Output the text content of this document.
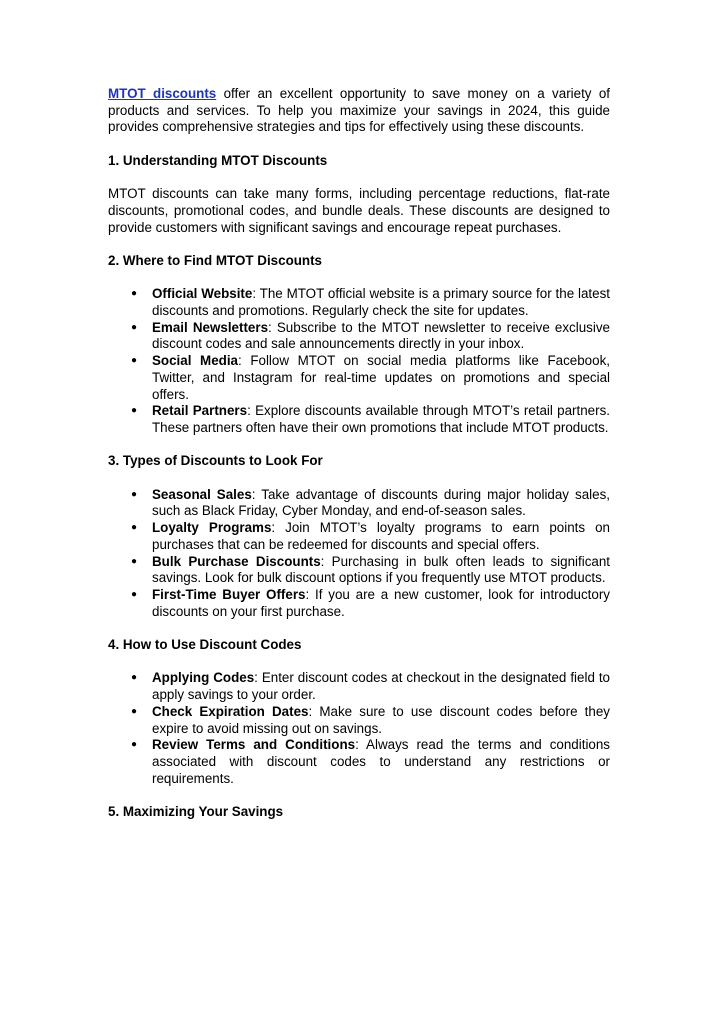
MTOT discounts offer an excellent opportunity to save money on a variety of products and services. To help you maximize your savings in 2024, this guide provides comprehensive strategies and tips for effectively using these discounts.

1. Understanding MTOT Discounts

MTOT discounts can take many forms, including percentage reductions, flat-rate discounts, promotional codes, and bundle deals. These discounts are designed to provide customers with significant savings and encourage repeat purchases.

2. Where to Find MTOT Discounts
● Official Website: The MTOT official website is a primary source for the latest discounts and promotions. Regularly check the site for updates.
● Email Newsletters: Subscribe to the MTOT newsletter to receive exclusive discount codes and sale announcements directly in your inbox.
● Social Media: Follow MTOT on social media platforms like Facebook, Twitter, and Instagram for real-time updates on promotions and special offers.
● Retail Partners: Explore discounts available through MTOT’s retail partners. These partners often have their own promotions that include MTOT products.
3. Types of Discounts to Look For
● Seasonal Sales: Take advantage of discounts during major holiday sales, such as Black Friday, Cyber Monday, and end-of-season sales.
● Loyalty Programs: Join MTOT’s loyalty programs to earn points on purchases that can be redeemed for discounts and special offers.
● Bulk Purchase Discounts: Purchasing in bulk often leads to significant savings. Look for bulk discount options if you frequently use MTOT products.
● First-Time Buyer Offers: If you are a new customer, look for introductory discounts on your first purchase.
4. How to Use Discount Codes
● Applying Codes: Enter discount codes at checkout in the designated field to apply savings to your order.
● Check Expiration Dates: Make sure to use discount codes before they expire to avoid missing out on savings.
● Review Terms and Conditions: Always read the terms and conditions associated with discount codes to understand any restrictions or requirements.
5. Maximizing Your Savings
